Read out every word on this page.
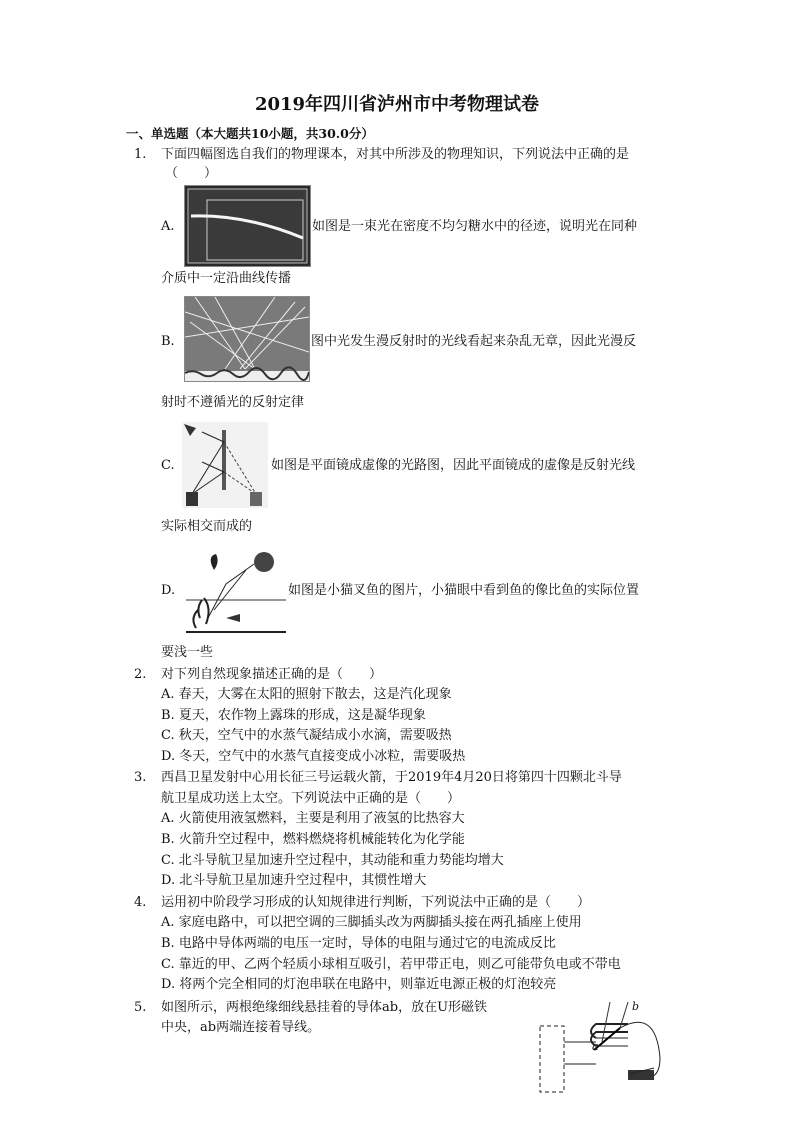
2019年四川省泸州市中考物理试卷
一、单选题（本大题共10小题，共30.0分）
1. 下面四幅图选自我们的物理课本，对其中所涉及的物理知识，下列说法中正确的是
（　　）
A.	如图是一束光在密度不均匀糖水中的径迹，说明光在同种
介质中一定沿曲线传播
B.	图中光发生漫反射时的光线看起来杂乱无章，因此光漫反
射时不遵循光的反射定律
C.	如图是平面镜成虚像的光路图，因此平面镜成的虚像是反射光线
实际相交而成的
D.	如图是小猫叉鱼的图片，小猫眼中看到鱼的像比鱼的实际位置
要浅一些
2. 对下列自然现象描述正确的是（　　）
A. 春天，大雾在太阳的照射下散去，这是汽化现象
B. 夏天，农作物上露珠的形成，这是凝华现象
C. 秋天，空气中的水蒸气凝结成小水滴，需要吸热
D. 冬天，空气中的水蒸气直接变成小冰粒，需要吸热
3. 西昌卫星发射中心用长征三号运载火箭，于2019年4月20日将第四十四颗北斗导
航卫星成功送上太空。下列说法中正确的是（　　）
A. 火箭使用液氢燃料，主要是利用了液氢的比热容大
B. 火箭升空过程中，燃料燃烧将机械能转化为化学能
C. 北斗导航卫星加速升空过程中，其动能和重力势能均增大
D. 北斗导航卫星加速升空过程中，其惯性增大
4. 运用初中阶段学习形成的认知规律进行判断，下列说法中正确的是（　　）
A. 家庭电路中，可以把空调的三脚插头改为两脚插头接在两孔插座上使用
B. 电路中导体两端的电压一定时，导体的电阻与通过它的电流成反比
C. 靠近的甲、乙两个轻质小球相互吸引，若甲带正电，则乙可能带负电或不带电
D. 将两个完全相同的灯泡串联在电路中，则靠近电源正极的灯泡较亮
5. 如图所示，两根绝缘细线悬挂着的导体ab，放在U形磁铁
中央，ab两端连接着导线。
b
a
